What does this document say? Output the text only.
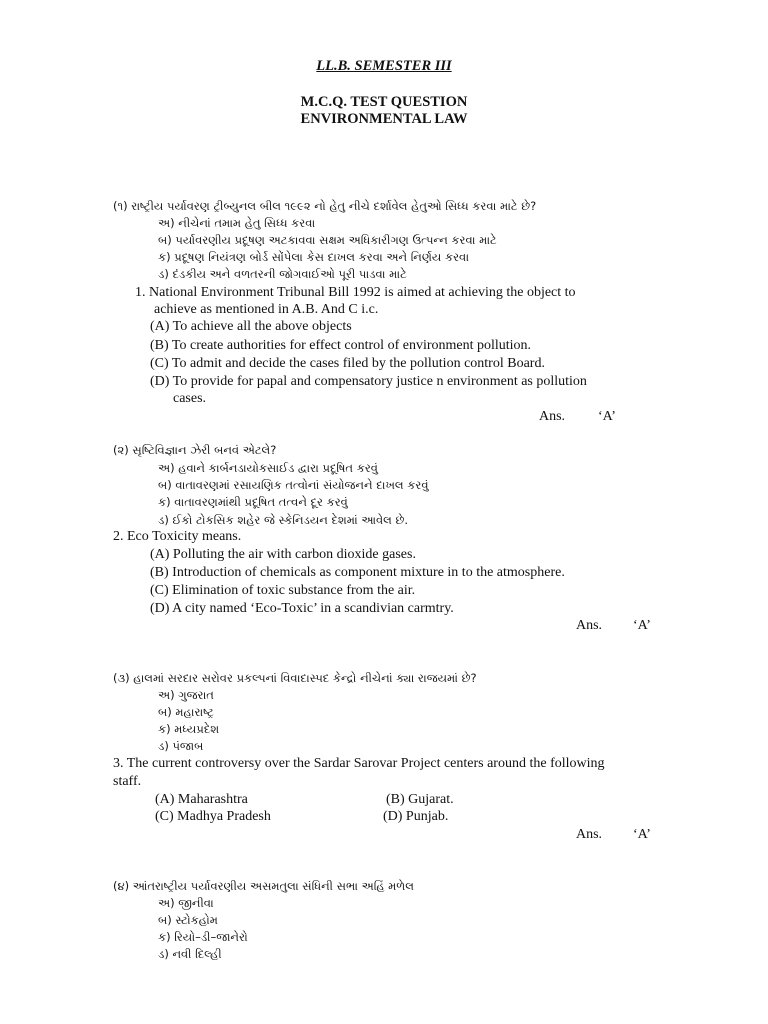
LL.B. SEMESTER III
M.C.Q. TEST QUESTION
ENVIRONMENTAL LAW
(૧) રાષ્ટ્રીય પર્યાવરણ ટ્રીબ્યુનલ બીલ ૧૯૯૨ નો હેતુ નીચે દર્શાવેલ હેતુઓ સિધ્ધ કરવા માટે છે?
અ) નીચેનાં તમામ હેતુ સિધ્ધ કરવા
બ) પર્યાવરણીય પ્રદૂષણ અટકાવવા સક્ષમ અધિકારીગણ ઉત્પન્ન કરવા માટે
ક) પ્રદૂષણ નિયંત્રણ બોર્ડ સોંપેલા કેસ દાખલ કરવા અને નિર્ણય કરવા
ડ) દંડકીય અને વળતરની જોગવાઈઓ પૂરી પાડવા માટે
1. National Environment Tribunal Bill 1992 is aimed at achieving the object to
achieve as mentioned in A.B. And C i.c.
(A) To achieve all the above objects
(B) To create authorities for effect control of environment pollution.
(C) To admit and decide the cases filed by the pollution control Board.
(D) To provide for papal and compensatory justice n environment as pollution
cases.
Ans. ‘A’
(૨) સૃષ્ટિવિજ્ઞાન ઝેરી બનવં એટલે?
અ) હવાને કાર્બનડાયોકસાઈડ દ્વારા પ્રદૂષિત કરવું
બ) વાતાવરણમાં રસાયણિક તત્વોનાં સંયોજનને દાખલ કરવું
ક) વાતાવરણમાંથી પ્રદૂષિત તત્વને દૂર કરવું
ડ) ઈકો ટોકસિક શહેર જે સ્કેનિડયન દેશમાં આવેલ છે.
2. Eco Toxicity means.
(A) Polluting the air with carbon dioxide gases.
(B) Introduction of chemicals as component mixture in to the atmosphere.
(C) Elimination of toxic substance from the air.
(D) A city named ‘Eco-Toxic’ in a scandivian carmtry.
Ans. ‘A’
(૩) હાલમાં સરદાર સરોવર પ્રકલ્પનાં વિવાદાસ્પદ કેન્દ્રો નીચેનાં ક્યા રાજયમાં છે?
અ) ગુજરાત
બ) મહારાષ્ટ્ર
ક) મધ્યપ્રદેશ
ડ) પંજાબ
3. The current controversy over the Sardar Sarovar Project centers around the following
staff.
(A) Maharashtra	(B) Gujarat.
(C) Madhya Pradesh	(D) Punjab.
Ans. ‘A’
(૪) આંતરાષ્ટ્રીય પર્યાવરણીય અસમતુલા સંધિની સભા અહિં મળેલ
અ) જીનીવા
બ) સ્ટોકહોમ
ક) રિયો–ડી–જાનેરો
ડ) નવી દિલ્હી
